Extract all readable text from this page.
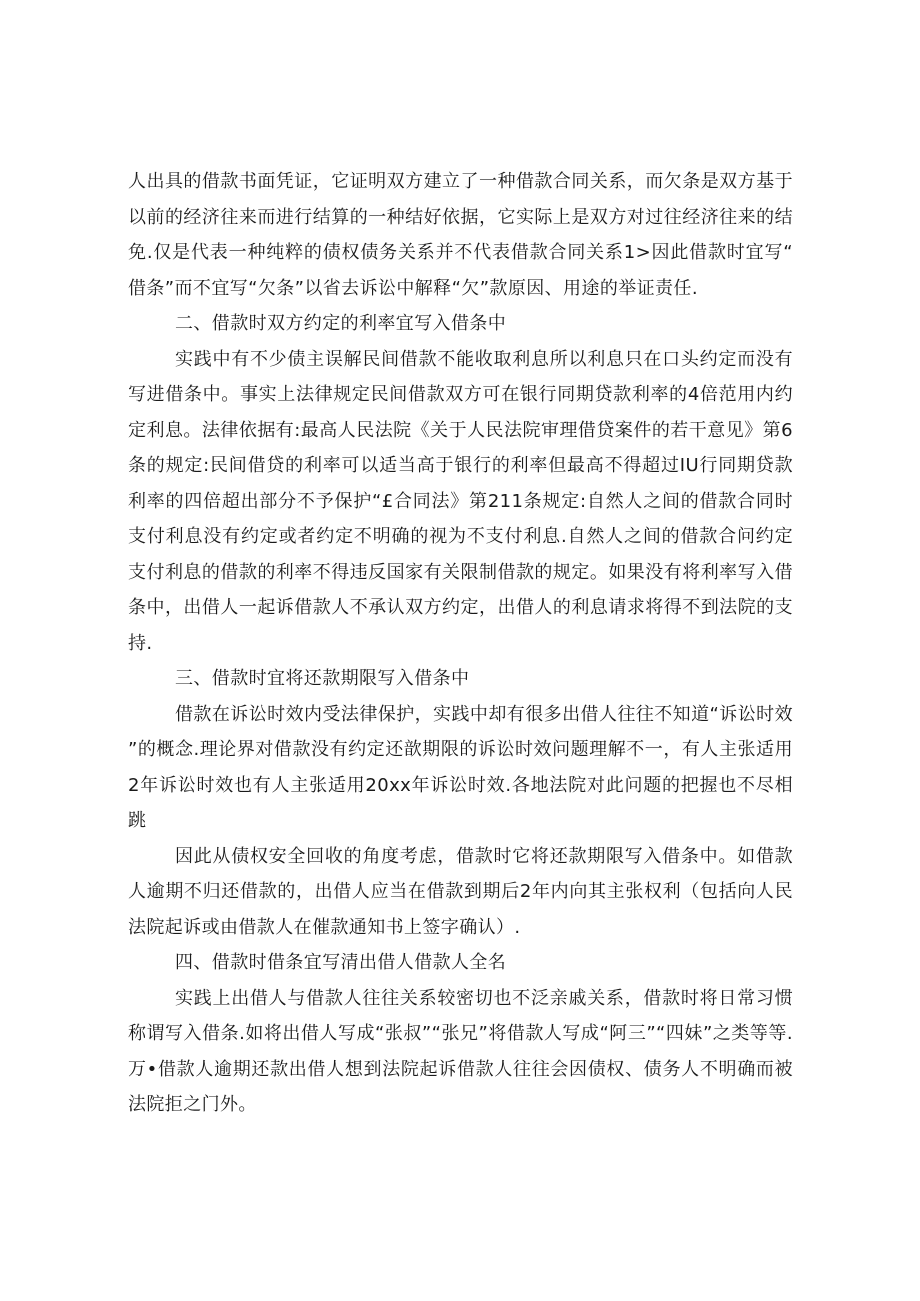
人出具的借款书面凭证，它证明双方建立了一种借款合同关系，而欠条是双方基于以前的经济往来而进行结算的一种结好依据，它实际上是双方对过往经济往来的结免.仅是代表一种纯粹的债权债务关系并不代表借款合同关系1>因此借款时宜写“借条”而不宜写“欠条”以省去诉讼中解释“欠”款原因、用途的举证责任.

二、借款时双方约定的利率宜写入借条中

实践中有不少债主误解民间借款不能收取利息所以利息只在口头约定而没有写进借条中。事实上法律规定民间借款双方可在银行同期贷款利率的4倍范用内约定利息。法律依据有:最高人民法院《关于人民法院审理借贷案件的若干意见》第6条的规定:民间借贷的利率可以适当高于银行的利率但最高不得超过IU行同期贷款利率的四倍超出部分不予保护“£合同法》第211条规定:自然人之间的借款合同时支付利息没有约定或者约定不明确的视为不支付利息.自然人之间的借款合问约定支付利息的借款的利率不得违反国家有关限制借款的规定。如果没有将利率写入借条中，出借人一起诉借款人不承认双方约定，出借人的利息请求将得不到法院的支持.

三、借款时宜将还款期限写入借条中

借款在诉讼时效内受法律保护，实践中却有很多出借人往往不知道“诉讼时效”的概念.理论界对借款没有约定还歆期限的诉讼时效问题理解不一，有人主张适用2年诉讼时效也有人主张适用20xx年诉讼时效.各地法院对此问题的把握也不尽相跳

因此从债权安全回收的角度考虑，借款时它将还款期限写入借条中。如借款人逾期不归还借款的，出借人应当在借款到期后2年内向其主张权利（包括向人民法院起诉或由借款人在催款通知书上签字确认）.

四、借款时借条宜写清出借人借款人全名

实践上出借人与借款人往往关系较密切也不泛亲戚关系，借款时将日常习惯称谓写入借条.如将出借人写成“张叔”“张兄”将借款人写成“阿三”“四妹”之类等等.万•借款人逾期还款出借人想到法院起诉借款人往往会因债权、债务人不明确而被法院拒之门外。
